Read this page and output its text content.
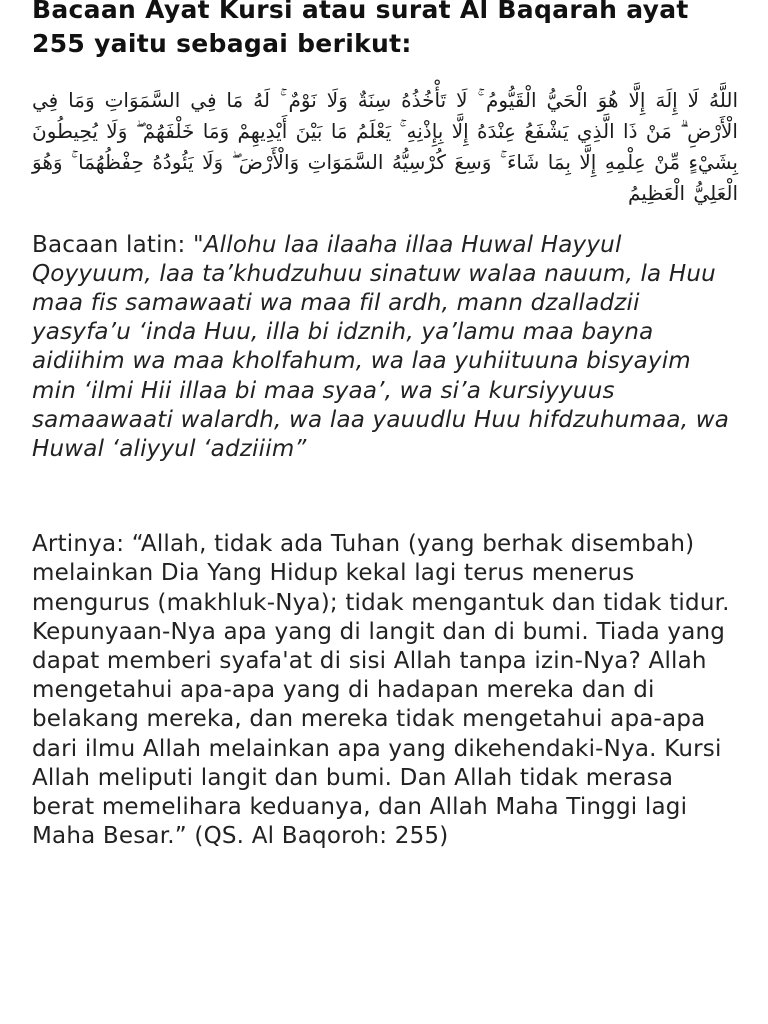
Bacaan Ayat Kursi atau surat Al Baqarah ayat 255 yaitu sebagai berikut:

اللَّهُ لَا إِلَهَ إِلَّا هُوَ الْحَيُّ الْقَيُّومُ ۚ لَا تَأْخُذُهُ سِنَةٌ وَلَا نَوْمٌ ۚ لَهُ مَا فِي السَّمَوَاتِ وَمَا فِي الْأَرْضِ ۗ مَنْ ذَا الَّذِي يَشْفَعُ عِنْدَهُ إِلَّا بِإِذْنِهِ ۚ يَعْلَمُ مَا بَيْنَ أَيْدِيهِمْ وَمَا خَلْفَهُمْ ۖ وَلَا يُحِيطُونَ بِشَيْءٍ مِّنْ عِلْمِهِ إِلَّا بِمَا شَاءَ ۚ وَسِعَ كُرْسِيُّهُ السَّمَوَاتِ وَالْأَرْضَ ۖ وَلَا يَئُودُهُ حِفْظُهُمَا ۚ وَهُوَ الْعَلِيُّ الْعَظِيمُ

Bacaan latin: "Allohu laa ilaaha illaa Huwal Hayyul Qoyyuum, laa ta’khudzuhuu sinatuw walaa nauum, la Huu maa fis samawaati wa maa fil ardh, mann dzalladzii yasyfa’u ‘inda Huu, illa bi idznih, ya’lamu maa bayna aidiihim wa maa kholfahum, wa laa yuhiituuna bisyayim min ‘ilmi Hii illaa bi maa syaa’, wa si’a kursiyyuus samaawaati walardh, wa laa yauudlu Huu hifdzuhumaa, wa Huwal ‘aliyyul ‘adziiim”

Artinya: “Allah, tidak ada Tuhan (yang berhak disembah) melainkan Dia Yang Hidup kekal lagi terus menerus mengurus (makhluk-Nya); tidak mengantuk dan tidak tidur. Kepunyaan-Nya apa yang di langit dan di bumi. Tiada yang dapat memberi syafa'at di sisi Allah tanpa izin-Nya? Allah mengetahui apa-apa yang di hadapan mereka dan di belakang mereka, dan mereka tidak mengetahui apa-apa dari ilmu Allah melainkan apa yang dikehendaki-Nya. Kursi Allah meliputi langit dan bumi. Dan Allah tidak merasa berat memelihara keduanya, dan Allah Maha Tinggi lagi Maha Besar.” (QS. Al Baqoroh: 255)
